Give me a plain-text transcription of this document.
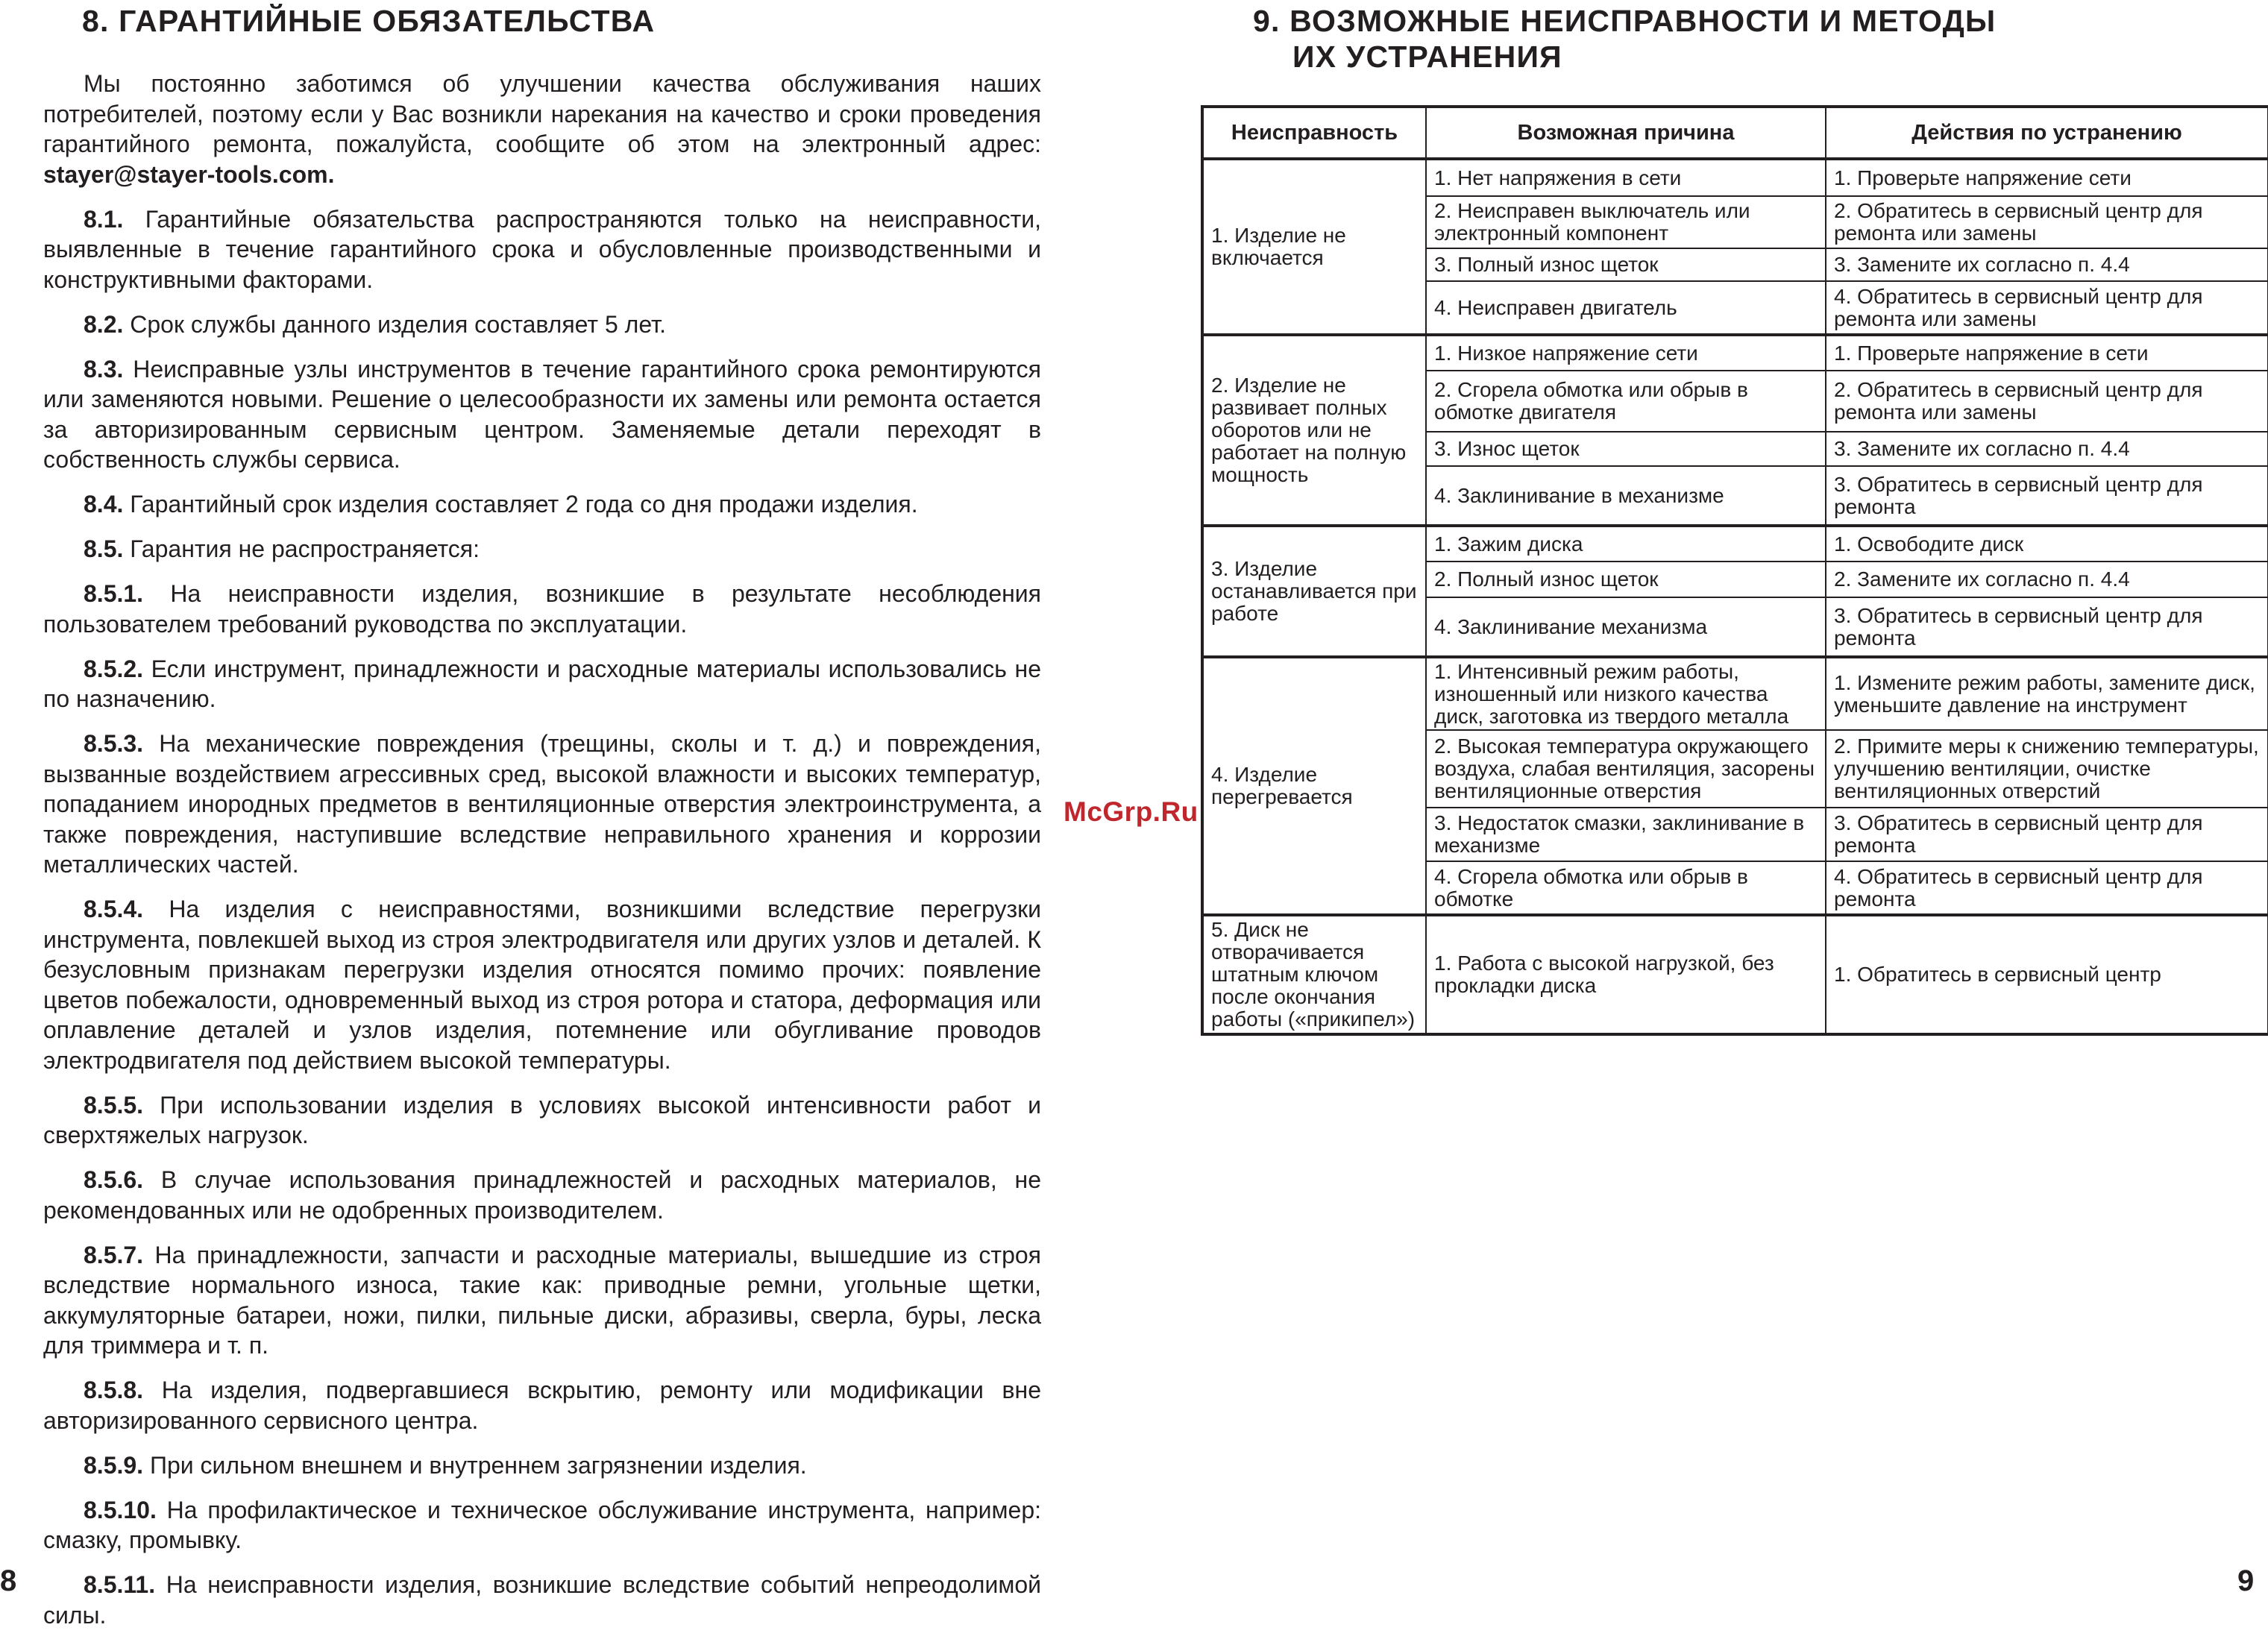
8. ГАРАНТИЙНЫЕ ОБЯЗАТЕЛЬСТВА

Мы постоянно заботимся об улучшении качества обслуживания наших потребителей, поэтому если у Вас возникли нарекания на качество и сроки проведения гарантийного ремонта, пожалуйста, сообщите об этом на электронный адрес: stayer@stayer-tools.com.

8.1. Гарантийные обязательства распространяются только на неисправности, выявленные в течение гарантийного срока и обусловленные производственными и конструктивными факторами.

8.2. Срок службы данного изделия составляет 5 лет.

8.3. Неисправные узлы инструментов в течение гарантийного срока ремонтируются или заменяются новыми. Решение о целесообразности их замены или ремонта остается за авторизированным сервисным центром. Заменяемые детали переходят в собственность службы сервиса.

8.4. Гарантийный срок изделия составляет 2 года со дня продажи изделия.

8.5. Гарантия не распространяется:

8.5.1. На неисправности изделия, возникшие в результате несоблюдения пользователем требований руководства по эксплуатации.

8.5.2. Если инструмент, принадлежности и расходные материалы использовались не по назначению.

8.5.3. На механические повреждения (трещины, сколы и т. д.) и повреждения, вызванные воздействием агрессивных сред, высокой влажности и высоких температур, попаданием инородных предметов в вентиляционные отверстия электроинструмента, а также повреждения, наступившие вследствие неправильного хранения и коррозии металлических частей.

8.5.4. На изделия с неисправностями, возникшими вследствие перегрузки инструмента, повлекшей выход из строя электродвигателя или других узлов и деталей. К безусловным признакам перегрузки изделия относятся помимо прочих: появление цветов побежалости, одновременный выход из строя ротора и статора, деформация или оплавление деталей и узлов изделия, потемнение или обугливание проводов электродвигателя под действием высокой температуры.

8.5.5. При использовании изделия в условиях высокой интенсивности работ и сверхтяжелых нагрузок.

8.5.6. В случае использования принадлежностей и расходных материалов, не рекомендованных или не одобренных производителем.

8.5.7. На принадлежности, запчасти и расходные материалы, вышедшие из строя вследствие нормального износа, такие как: приводные ремни, угольные щетки, аккумуляторные батареи, ножи, пилки, пильные диски, абразивы, сверла, буры, леска для триммера и т. п.

8.5.8. На изделия, подвергавшиеся вскрытию, ремонту или модификации вне авторизированного сервисного центра.

8.5.9. При сильном внешнем и внутреннем загрязнении изделия.

8.5.10. На профилактическое и техническое обслуживание инструмента, например: смазку, промывку.

8.5.11. На неисправности изделия, возникшие вследствие событий непреодолимой силы.

8
McGrp.Ru
9. ВОЗМОЖНЫЕ НЕИСПРАВНОСТИ И МЕТОДЫ
ИХ УСТРАНЕНИЯ
Неисправность	Возможная причина	Действия по устранению
1. Изделие не включается	1. Нет напряжения в сети	1. Проверьте напряжение сети
	2. Неисправен выключатель или электронный компонент	2. Обратитесь в сервисный центр для ремонта или замены
	3. Полный износ щеток	3. Замените их согласно п. 4.4
	4. Неисправен двигатель	4. Обратитесь в сервисный центр для ремонта или замены
2. Изделие не развивает полных оборотов или не работает на полную мощность	1. Низкое напряжение сети	1. Проверьте напряжение в сети
	2. Сгорела обмотка или обрыв в обмотке двигателя	2. Обратитесь в сервисный центр для ремонта или замены
	3. Износ щеток	3. Замените их согласно п. 4.4
	4. Заклинивание в механизме	3. Обратитесь в сервисный центр для ремонта
3. Изделие останавливается при работе	1. Зажим диска	1. Освободите диск
	2. Полный износ щеток	2. Замените их согласно п. 4.4
	4. Заклинивание механизма	3. Обратитесь в сервисный центр для ремонта
4. Изделие перегревается	1. Интенсивный режим работы, изношенный или низкого качества диск, заготовка из твердого металла	1. Измените режим работы, замените диск, уменьшите давление на инструмент
	2. Высокая температура окружающего воздуха, слабая вентиляция, засорены вентиляционные отверстия	2. Примите меры к снижению температуры, улучшению вентиляции, очистке вентиляционных отверстий
	3. Недостаток смазки, заклинивание в механизме	3. Обратитесь в сервисный центр для ремонта
	4. Сгорела обмотка или обрыв в обмотке	4. Обратитесь в сервисный центр для ремонта
5. Диск не отворачивается штатным ключом после окончания работы («прикипел»)	1. Работа с высокой нагрузкой, без прокладки диска	1. Обратитесь в сервисный центр
9
